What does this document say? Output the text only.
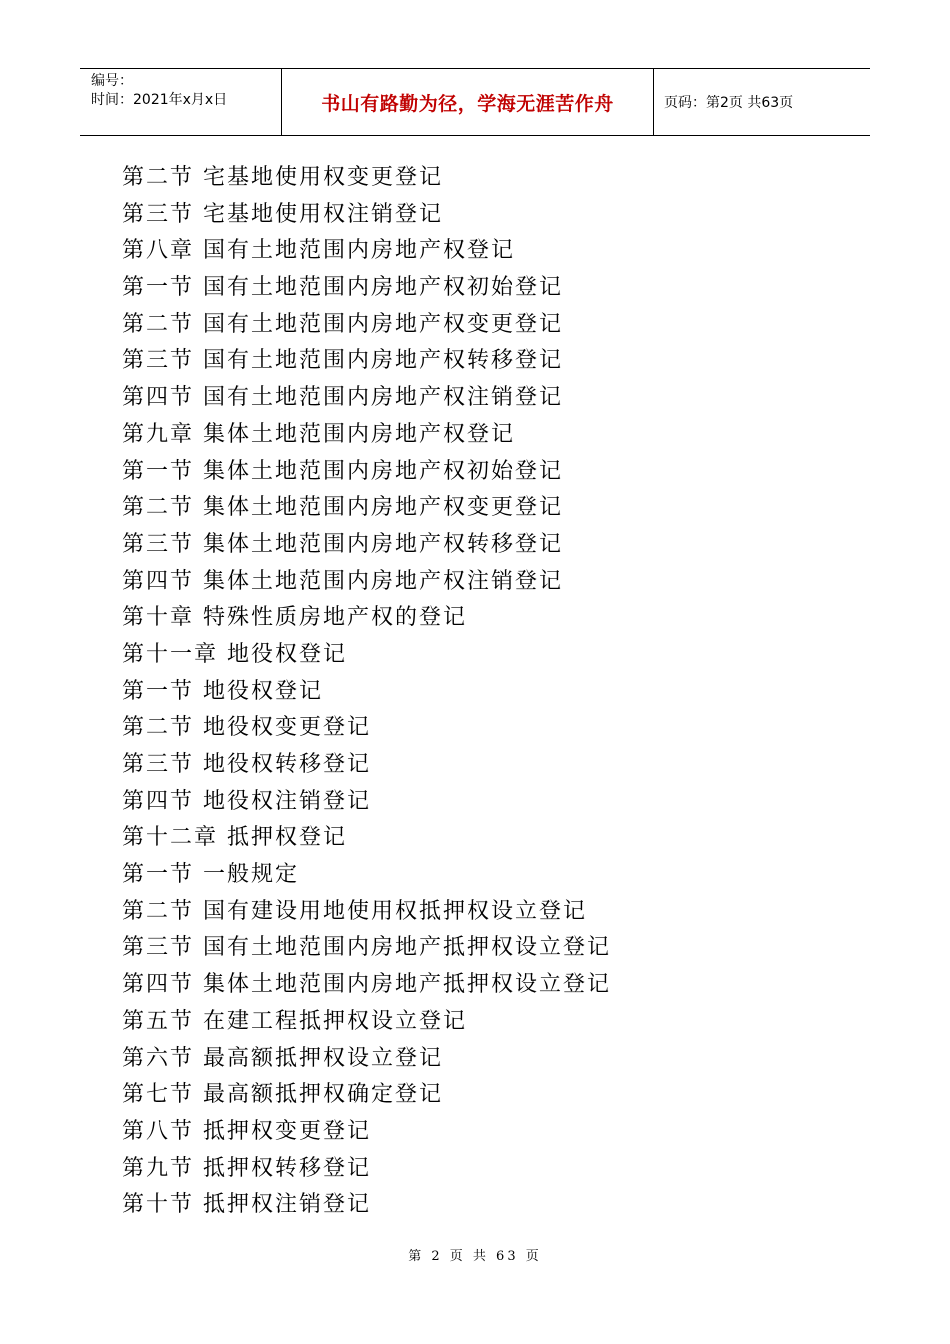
编号：
时间：2021年x月x日	书山有路勤为径，学海无涯苦作舟	页码：第2页 共63页
第二节 宅基地使用权变更登记
第三节 宅基地使用权注销登记
第八章 国有土地范围内房地产权登记
第一节 国有土地范围内房地产权初始登记
第二节 国有土地范围内房地产权变更登记
第三节 国有土地范围内房地产权转移登记
第四节 国有土地范围内房地产权注销登记
第九章 集体土地范围内房地产权登记
第一节 集体土地范围内房地产权初始登记
第二节 集体土地范围内房地产权变更登记
第三节 集体土地范围内房地产权转移登记
第四节 集体土地范围内房地产权注销登记
第十章 特殊性质房地产权的登记
第十一章 地役权登记
第一节 地役权登记
第二节 地役权变更登记
第三节 地役权转移登记
第四节 地役权注销登记
第十二章 抵押权登记
第一节 一般规定
第二节 国有建设用地使用权抵押权设立登记
第三节 国有土地范围内房地产抵押权设立登记
第四节 集体土地范围内房地产抵押权设立登记
第五节 在建工程抵押权设立登记
第六节 最高额抵押权设立登记
第七节 最高额抵押权确定登记
第八节 抵押权变更登记
第九节 抵押权转移登记
第十节 抵押权注销登记
第 2 页 共 63 页
